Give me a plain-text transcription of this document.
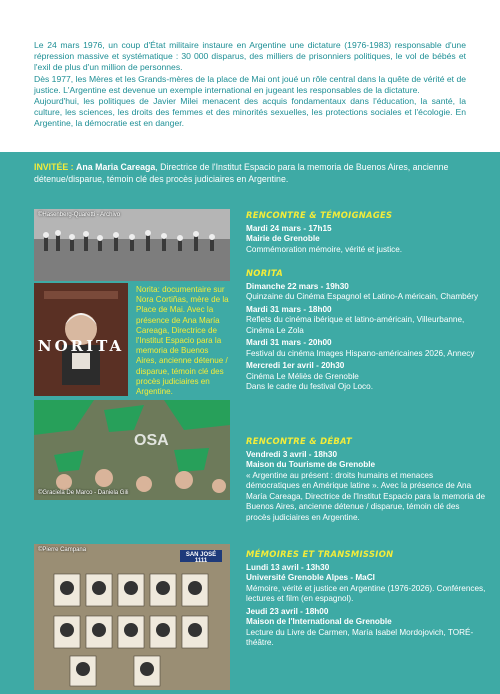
Le 24 mars 1976, un coup d'État militaire instaure en Argentine une dictature (1976-1983) responsable d'une répression massive et systématique : 30 000 disparus, des milliers de prisonniers politiques, le vol de bébés et l'exil de plus d'un million de personnes.

Dès 1977, les Mères et les Grands-mères de la place de Mai ont joué un rôle central dans la quête de vérité et de justice. L'Argentine est devenue un exemple international en jugeant les responsables de la dictature.

Aujourd'hui, les politiques de Javier Milei menacent des acquis fondamentaux dans l'éducation, la santé, la culture, les sciences, les droits des femmes et des minorités sexuelles, les protections sociales et l'écologie. En Argentine, la démocratie est en danger.

INVITÉE : Ana Maria Careaga, Directrice de l'Institut Espacio para la memoria de Buenos Aires, ancienne détenue/disparue, témoin clé des procès judiciaires en Argentine.
©Hasenberg-Quaretti - Archivo
NORITA
Norita: documentaire sur Nora Cortiñas, mère de la Place de Mai. Avec la présence de Ana María Careaga, Directrice de l'Institut Espacio para la memoria de Buenos Aires, ancienne détenue / disparue, témoin clé des procès judiciaires en Argentine.
OSA
©Graciela De Marco - Daniela Gili
SAN JOSÉ 1111
©Pierre Campana
RENCONTRE & TÉMOIGNAGES
Mardi 24 mars - 17h15
Mairie de Grenoble
Commémoration mémoire, vérité et justice.
NORITA
Dimanche 22 mars - 19h30
Quinzaine du Cinéma Espagnol et Latino-A méricain, Chambéry
Mardi 31 mars - 18h00
Reflets du cinéma ibérique et latino-américain, Villeurbanne, Cinéma Le Zola
Mardi 31 mars - 20h00
Festival du cinéma Images Hispano-américaines 2026, Annecy
Mercredi 1er avril - 20h30
Cinéma Le Méliès de Grenoble
Dans le cadre du festival Ojo Loco.
RENCONTRE & DÉBAT
Vendredi 3 avril - 18h30
Maison du Tourisme de Grenoble
« Argentine au présent : droits humains et menaces démocratiques en Amérique latine ». Avec la présence de Ana María Careaga, Directrice de l'Institut Espacio para la memoria de Buenos Aires, ancienne détenue / disparue, témoin clé des procès judiciaires en Argentine.
MÉMOIRES ET TRANSMISSION
Lundi 13 avril - 13h30
Université Grenoble Alpes - MaCI
Mémoire, vérité et justice en Argentine (1976-2026). Conférences, lectures et film (en espagnol).
Jeudi 23 avril - 18h00
Maison de l'International de Grenoble
Lecture du Livre de Carmen, María Isabel Mordojovich, TORÉ-théâtre.
